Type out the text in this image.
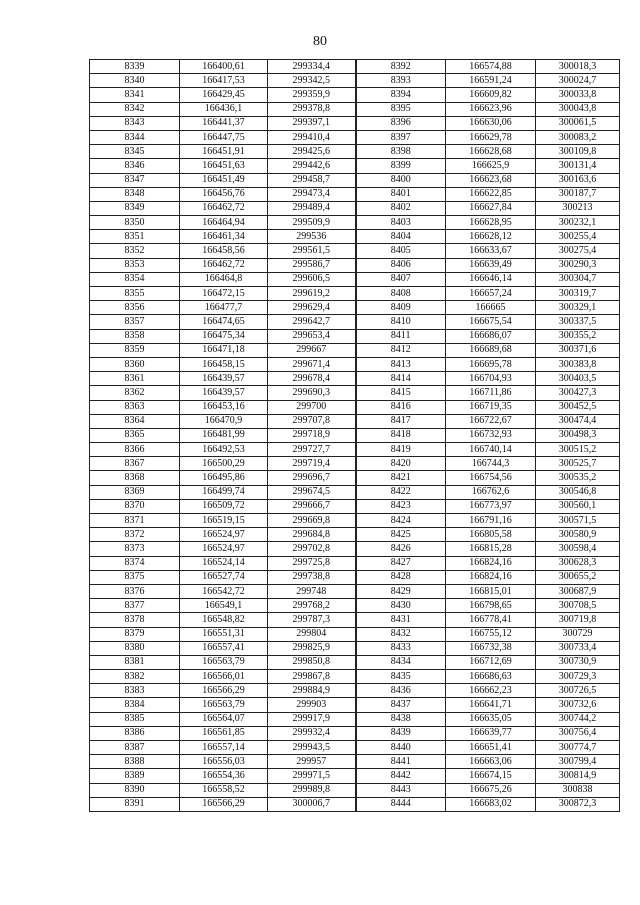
80
8339	166400,61	299334,4	8392	166574,88	300018,3
8340	166417,53	299342,5	8393	166591,24	300024,7
8341	166429,45	299359,9	8394	166609,82	300033,8
8342	166436,1	299378,8	8395	166623,96	300043,8
8343	166441,37	299397,1	8396	166630,06	300061,5
8344	166447,75	299410,4	8397	166629,78	300083,2
8345	166451,91	299425,6	8398	166628,68	300109,8
8346	166451,63	299442,6	8399	166625,9	300131,4
8347	166451,49	299458,7	8400	166623,68	300163,6
8348	166456,76	299473,4	8401	166622,85	300187,7
8349	166462,72	299489,4	8402	166627,84	300213
8350	166464,94	299509,9	8403	166628,95	300232,1
8351	166461,34	299536	8404	166628,12	300255,4
8352	166458,56	299561,5	8405	166633,67	300275,4
8353	166462,72	299586,7	8406	166639,49	300290,3
8354	166464,8	299606,5	8407	166646,14	300304,7
8355	166472,15	299619,2	8408	166657,24	300319,7
8356	166477,7	299629,4	8409	166665	300329,1
8357	166474,65	299642,7	8410	166675,54	300337,5
8358	166475,34	299653,4	8411	166686,07	300355,2
8359	166471,18	299667	8412	166689,68	300371,6
8360	166458,15	299671,4	8413	166695,78	300383,8
8361	166439,57	299678,4	8414	166704,93	300403,5
8362	166439,57	299690,3	8415	166711,86	300427,3
8363	166453,16	299700	8416	166719,35	300452,5
8364	166470,9	299707,8	8417	166722,67	300474,4
8365	166481,99	299718,9	8418	166732,93	300498,3
8366	166492,53	299727,7	8419	166740,14	300515,2
8367	166500,29	299719,4	8420	166744,3	300525,7
8368	166495,86	299696,7	8421	166754,56	300535,2
8369	166499,74	299674,5	8422	166762,6	300546,8
8370	166509,72	299666,7	8423	166773,97	300560,1
8371	166519,15	299669,8	8424	166791,16	300571,5
8372	166524,97	299684,8	8425	166805,58	300580,9
8373	166524,97	299702,8	8426	166815,28	300598,4
8374	166524,14	299725,8	8427	166824,16	300628,3
8375	166527,74	299738,8	8428	166824,16	300655,2
8376	166542,72	299748	8429	166815,01	300687,9
8377	166549,1	299768,2	8430	166798,65	300708,5
8378	166548,82	299787,3	8431	166778,41	300719,8
8379	166551,31	299804	8432	166755,12	300729
8380	166557,41	299825,9	8433	166732,38	300733,4
8381	166563,79	299850,8	8434	166712,69	300730,9
8382	166566,01	299867,8	8435	166686,63	300729,3
8383	166566,29	299884,9	8436	166662,23	300726,5
8384	166563,79	299903	8437	166641,71	300732,6
8385	166564,07	299917,9	8438	166635,05	300744,2
8386	166561,85	299932,4	8439	166639,77	300756,4
8387	166557,14	299943,5	8440	166651,41	300774,7
8388	166556,03	299957	8441	166663,06	300799,4
8389	166554,36	299971,5	8442	166674,15	300814,9
8390	166558,52	299989,8	8443	166675,26	300838
8391	166566,29	300006,7	8444	166683,02	300872,3
